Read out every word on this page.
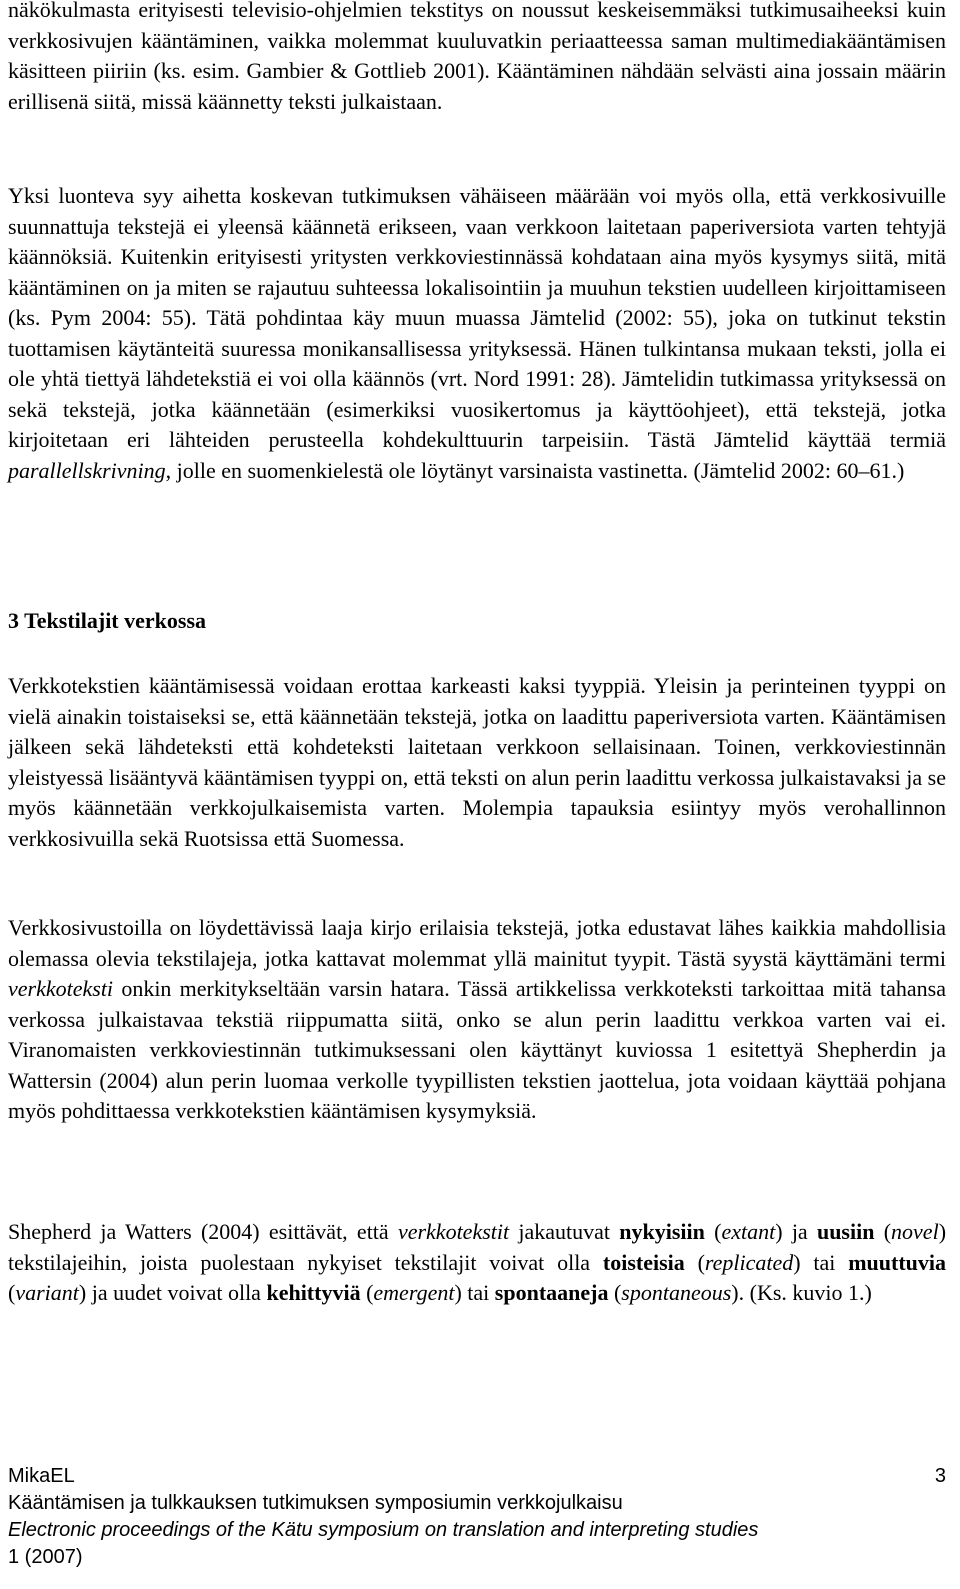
näkökulmasta erityisesti televisio-ohjelmien tekstitys on noussut keskeisemmäksi tutkimusaiheeksi kuin verkkosivujen kääntäminen, vaikka molemmat kuuluvatkin periaatteessa saman multimediakääntämisen käsitteen piiriin (ks. esim. Gambier & Gottlieb 2001). Kääntäminen nähdään selvästi aina jossain määrin erillisenä siitä, missä käännetty teksti julkaistaan.

Yksi luonteva syy aihetta koskevan tutkimuksen vähäiseen määrään voi myös olla, että verkkosivuille suunnattuja tekstejä ei yleensä käännetä erikseen, vaan verkkoon laitetaan paperiversiota varten tehtyjä käännöksiä. Kuitenkin erityisesti yritysten verkkoviestinnässä kohdataan aina myös kysymys siitä, mitä kääntäminen on ja miten se rajautuu suhteessa lokalisointiin ja muuhun tekstien uudelleen kirjoittamiseen (ks. Pym 2004: 55). Tätä pohdintaa käy muun muassa Jämtelid (2002: 55), joka on tutkinut tekstin tuottamisen käytänteitä suuressa monikansallisessa yrityksessä. Hänen tulkintansa mukaan teksti, jolla ei ole yhtä tiettyä lähdetekstiä ei voi olla käännös (vrt. Nord 1991: 28). Jämtelidin tutkimassa yrityksessä on sekä tekstejä, jotka käännetään (esimerkiksi vuosikertomus ja käyttöohjeet), että tekstejä, jotka kirjoitetaan eri lähteiden perusteella kohdekulttuurin tarpeisiin. Tästä Jämtelid käyttää termiä parallellskrivning, jolle en suomenkielestä ole löytänyt varsinaista vastinetta. (Jämtelid 2002: 60–61.)

3 Tekstilajit verkossa

Verkkotekstien kääntämisessä voidaan erottaa karkeasti kaksi tyyppiä. Yleisin ja perinteinen tyyppi on vielä ainakin toistaiseksi se, että käännetään tekstejä, jotka on laadittu paperiversiota varten. Kääntämisen jälkeen sekä lähdeteksti että kohdeteksti laitetaan verkkoon sellaisinaan. Toinen, verkkoviestinnän yleistyessä lisääntyvä kääntämisen tyyppi on, että teksti on alun perin laadittu verkossa julkaistavaksi ja se myös käännetään verkkojulkaisemista varten. Molempia tapauksia esiintyy myös verohallinnon verkkosivuilla sekä Ruotsissa että Suomessa.

Verkkosivustoilla on löydettävissä laaja kirjo erilaisia tekstejä, jotka edustavat lähes kaikkia mahdollisia olemassa olevia tekstilajeja, jotka kattavat molemmat yllä mainitut tyypit. Tästä syystä käyttämäni termi verkkoteksti onkin merkitykseltään varsin hatara. Tässä artikkelissa verkkoteksti tarkoittaa mitä tahansa verkossa julkaistavaa tekstiä riippumatta siitä, onko se alun perin laadittu verkkoa varten vai ei. Viranomaisten verkkoviestinnän tutkimuksessani olen käyttänyt kuviossa 1 esitettyä Shepherdin ja Wattersin (2004) alun perin luomaa verkolle tyypillisten tekstien jaottelua, jota voidaan käyttää pohjana myös pohdittaessa verkkotekstien kääntämisen kysymyksiä.

Shepherd ja Watters (2004) esittävät, että verkkotekstit jakautuvat nykyisiin (extant) ja uusiin (novel) tekstilajeihin, joista puolestaan nykyiset tekstilajit voivat olla toisteisia (replicated) tai muuttuvia (variant) ja uudet voivat olla kehittyviä (emergent) tai spontaaneja (spontaneous). (Ks. kuvio 1.)

MikaEL
Kääntämisen ja tulkkauksen tutkimuksen symposiumin verkkojulkaisu
Electronic proceedings of the Kätu symposium on translation and interpreting studies
1 (2007)
3
